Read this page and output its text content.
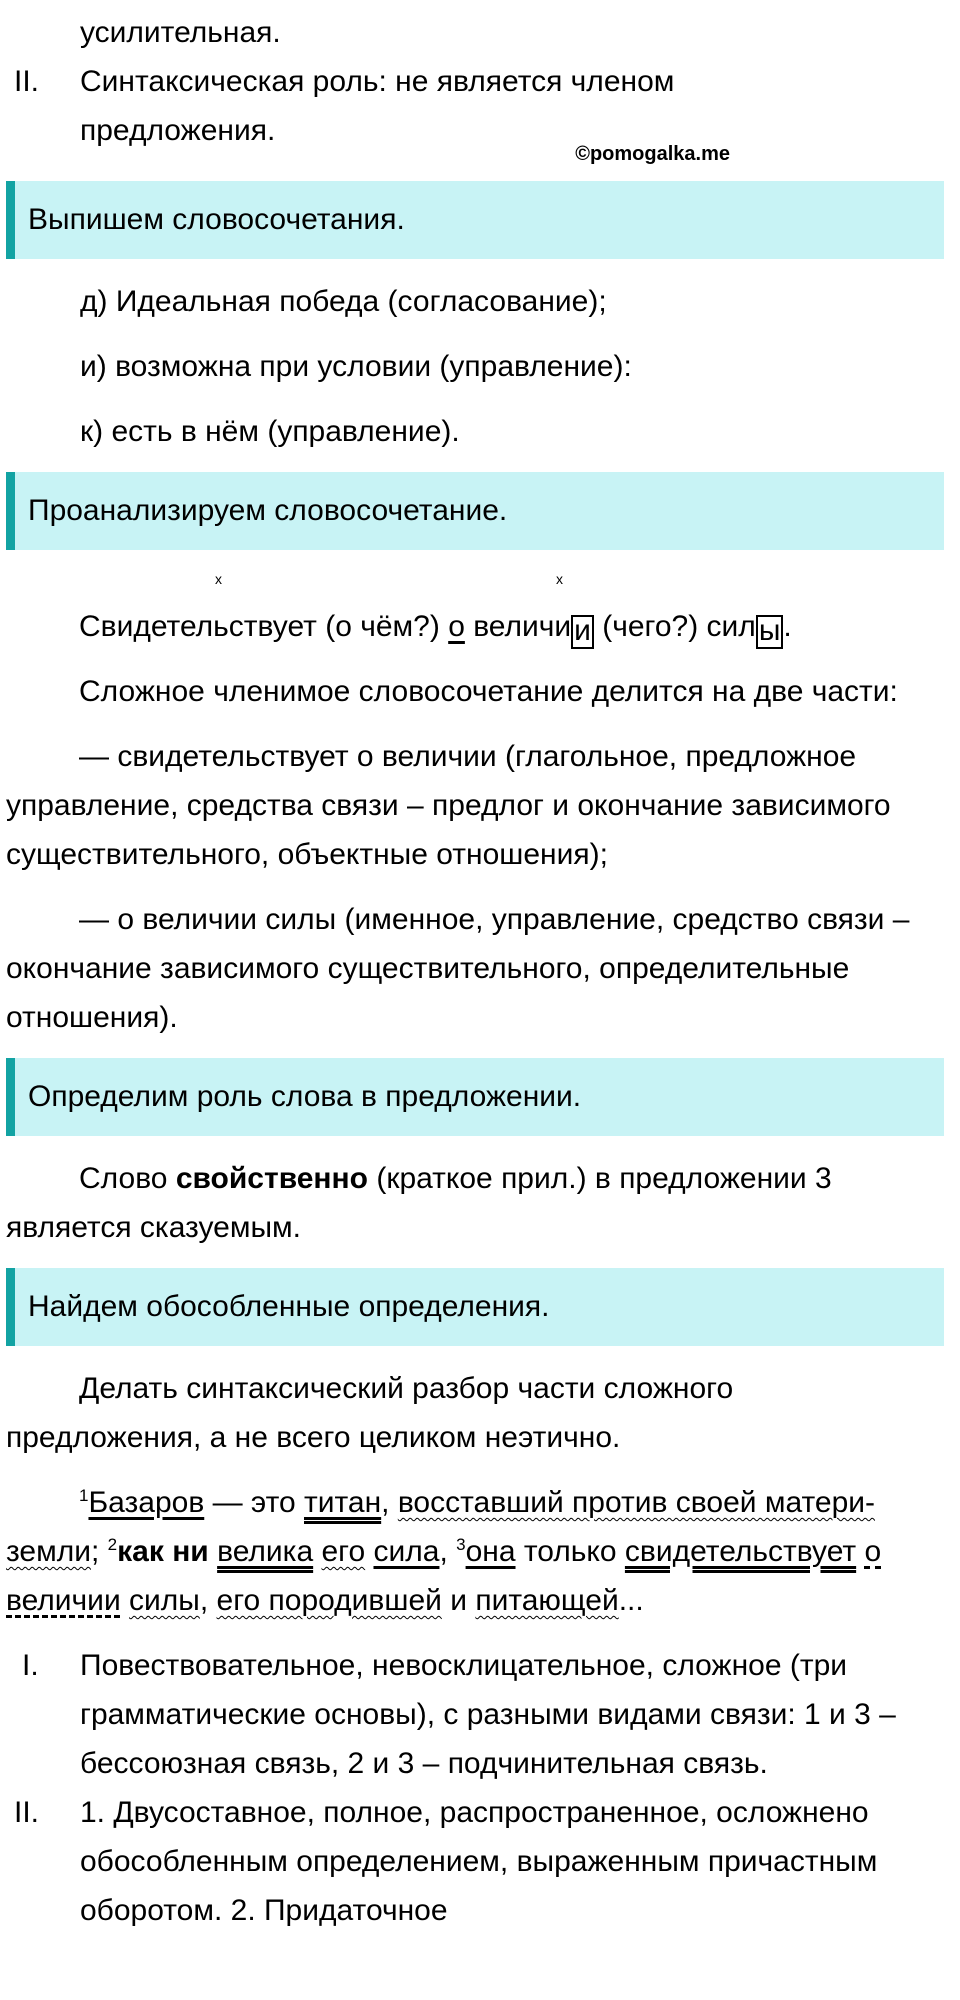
©pomogalka.me
усилительная.
II.	Синтаксическая роль: не является членом предложения.
Выпишем словосочетания.

д) Идеальная победа (согласование);

и) возможна при условии (управление):

к) есть в нём (управление).

Проанализируем словосочетание.
x	x

Свидетельствует (о чём?) о величи и (чего?) сил ы .

Сложное членимое словосочетание делится на две части:

— свидетельствует о величии (глагольное, предложное управление, средства связи – предлог и окончание зависимого существительного, объектные отношения);

— о величии силы (именное, управление, средство связи – окончание зависимого существительного, определительные отношения).

Определим роль слова в предложении.

Слово свойственно (краткое прил.) в предложении 3 является сказуемым.

Найдем обособленные определения.

Делать синтаксический разбор части сложного предложения, а не всего целиком неэтично.

$^1$Базаров — это титан, восставший против своей матери-земли; $^2$как ни велика его сила, $^3$она только свидетельствует о величии силы, его породившей и питающей...

I.	Повествовательное, невосклицательное, сложное (три грамматические основы), с разными видами связи: 1 и 3 – бессоюзная связь, 2 и 3 – подчинительная связь.
II.	1. Двусоставное, полное, распространенное, осложнено обособленным определением, выраженным причастным оборотом. 2. Придаточное
